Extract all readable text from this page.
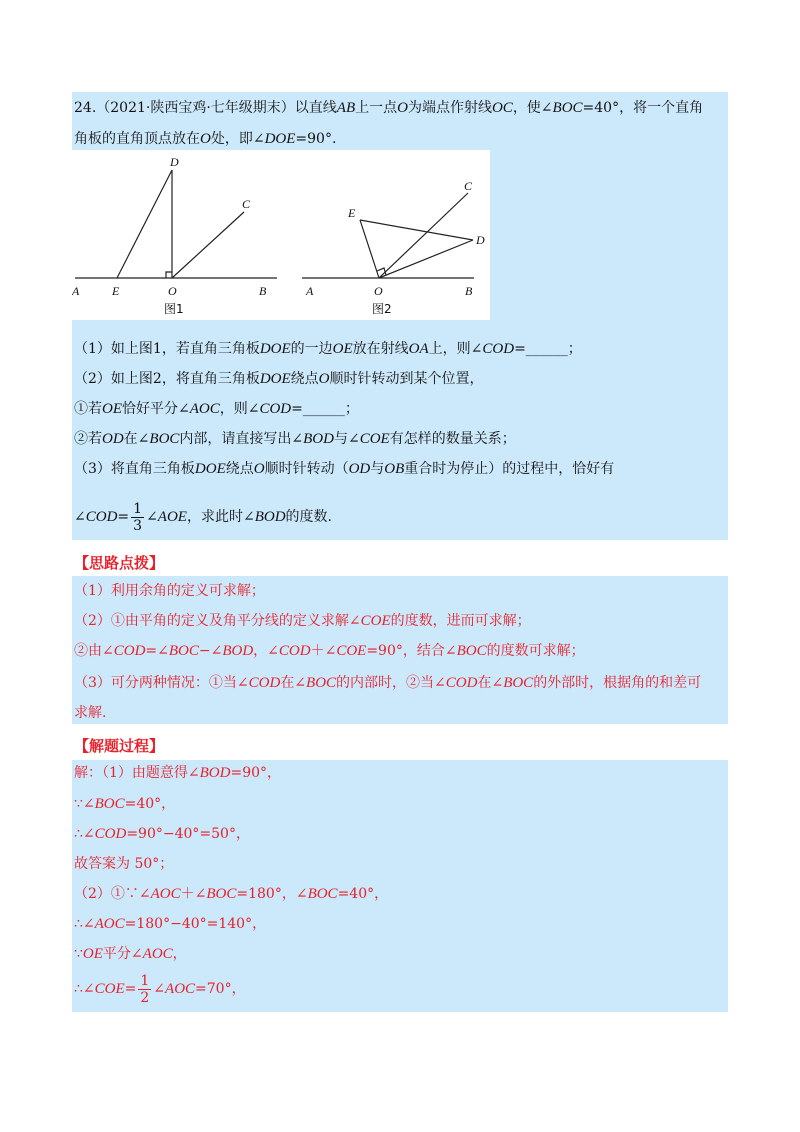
24.（2021·陕西宝鸡·七年级期末）以直线AB上一点O为端点作射线OC，使∠BOC=40°，将一个直角
角板的直角顶点放在O处，即∠DOE=90°.
A	E	O	B
D
C
图1
A	O	B
E
C
D
图2
（1）如上图1，若直角三角板DOE的一边OE放在射线OA上，则∠COD=______；
（2）如上图2，将直角三角板DOE绕点O顺时针转动到某个位置，
①若OE恰好平分∠AOC，则∠COD=______；
②若OD在∠BOC内部，请直接写出∠BOD与∠COE有怎样的数量关系；
（3）将直角三角板DOE绕点O顺时针转动（OD与OB重合时为停止）的过程中，恰好有
∠COD= $\frac{1}{3}$ ∠AOE，求此时∠BOD的度数.
【思路点拨】
（1）利用余角的定义可求解；
（2）①由平角的定义及角平分线的定义求解∠COE的度数，进而可求解；
②由∠COD=∠BOC−∠BOD，∠COD＋∠COE=90°，结合∠BOC的度数可求解；
（3）可分两种情况：①当∠COD在∠BOC的内部时，②当∠COD在∠BOC的外部时，根据角的和差可
求解.
【解题过程】
解：（1）由题意得∠BOD=90°，
∵∠BOC=40°，
∴∠COD=90°−40°=50°，
故答案为 50°；
（2）①∵∠AOC＋∠BOC=180°，∠BOC=40°，
∴∠AOC=180°−40°=140°，
∵OE平分∠AOC，
∴∠COE= $\frac{1}{2}$ ∠AOC=70°，
